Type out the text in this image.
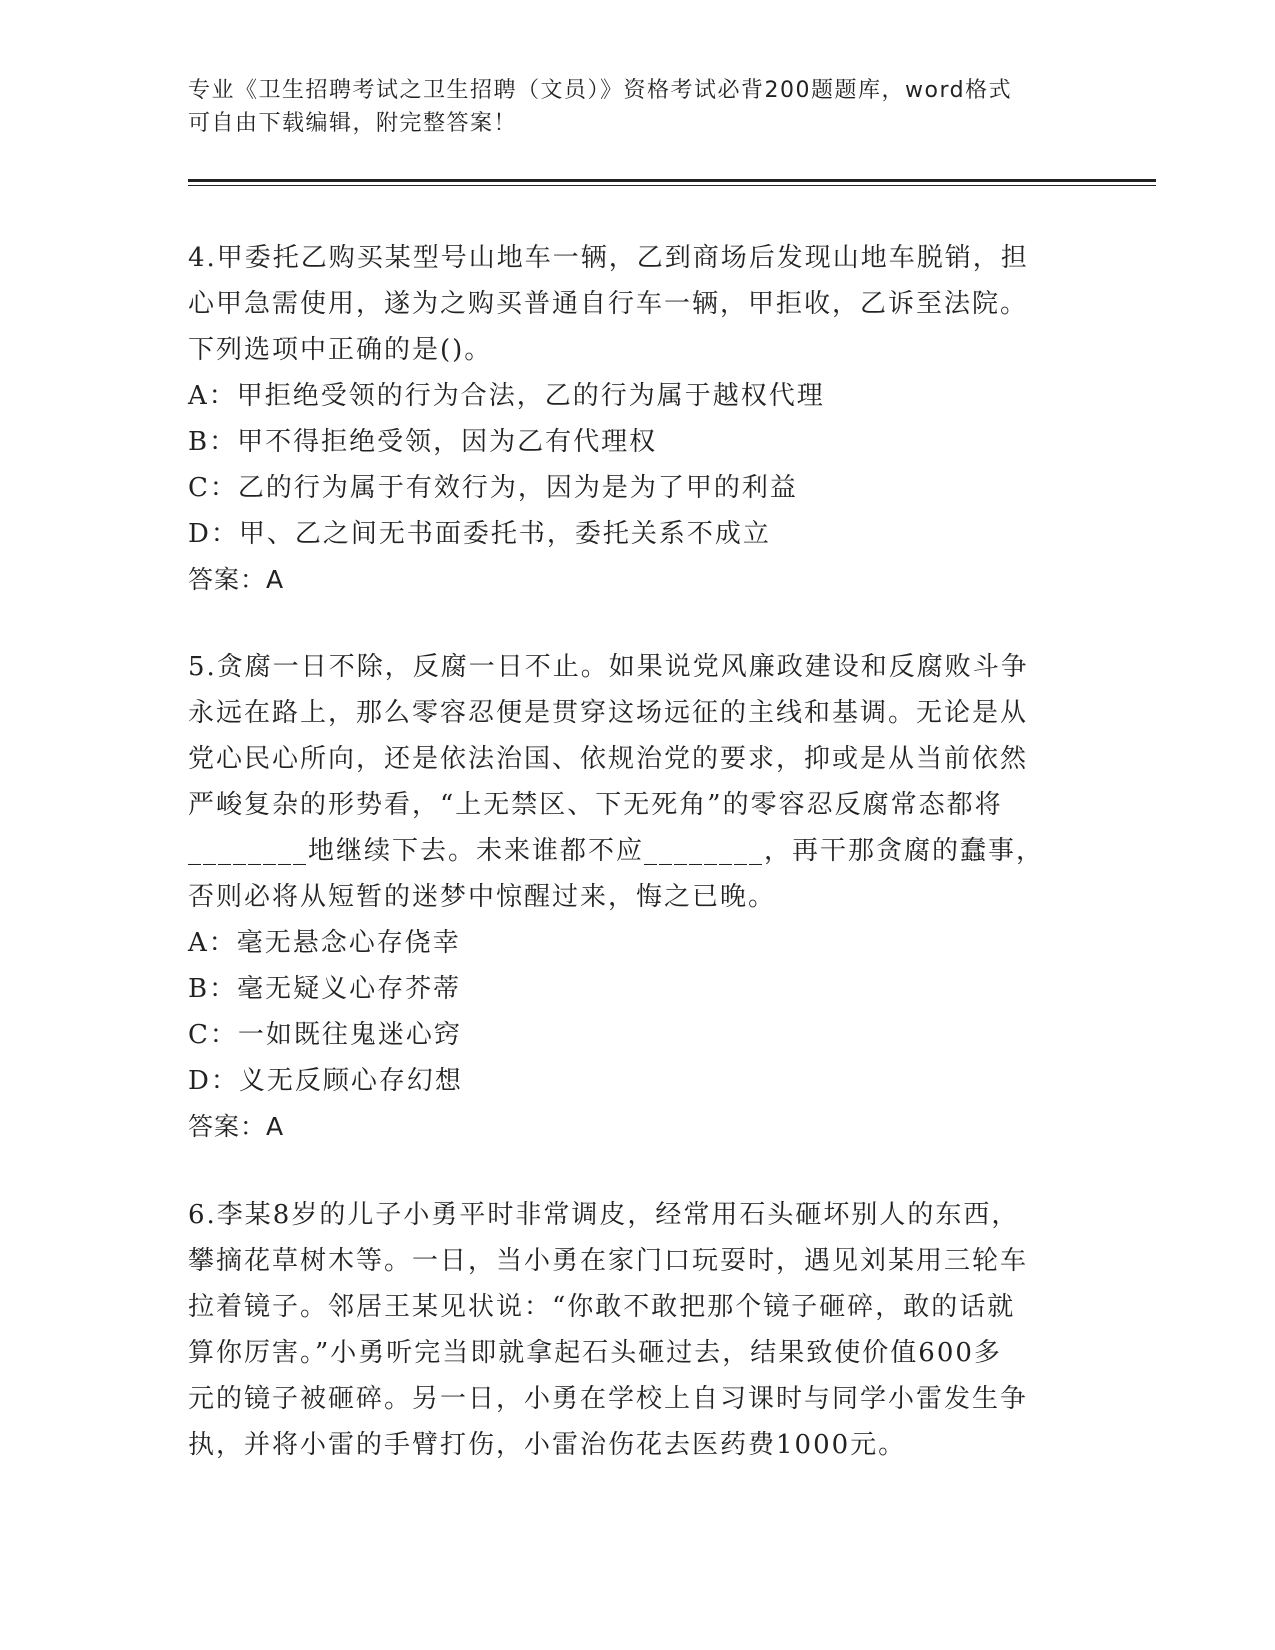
专业《卫生招聘考试之卫生招聘（文员）》资格考试必背200题题库，word格式
可自由下载编辑，附完整答案！

4.甲委托乙购买某型号山地车一辆，乙到商场后发现山地车脱销，担

心甲急需使用，遂为之购买普通自行车一辆，甲拒收，乙诉至法院。

下列选项中正确的是()。

A：甲拒绝受领的行为合法，乙的行为属于越权代理

B：甲不得拒绝受领，因为乙有代理权

C：乙的行为属于有效行为，因为是为了甲的利益

D：甲、乙之间无书面委托书，委托关系不成立

答案：A

5.贪腐一日不除，反腐一日不止。如果说党风廉政建设和反腐败斗争

永远在路上，那么零容忍便是贯穿这场远征的主线和基调。无论是从

党心民心所向，还是依法治国、依规治党的要求，抑或是从当前依然

严峻复杂的形势看，“上无禁区、下无死角”的零容忍反腐常态都将

________地继续下去。未来谁都不应________，再干那贪腐的蠢事，

否则必将从短暂的迷梦中惊醒过来，悔之已晚。

A：毫无悬念心存侥幸

B：毫无疑义心存芥蒂

C：一如既往鬼迷心窍

D：义无反顾心存幻想

答案：A

6.李某8岁的儿子小勇平时非常调皮，经常用石头砸坏别人的东西，

攀摘花草树木等。一日，当小勇在家门口玩耍时，遇见刘某用三轮车

拉着镜子。邻居王某见状说：“你敢不敢把那个镜子砸碎，敢的话就

算你厉害。”小勇听完当即就拿起石头砸过去，结果致使价值600多

元的镜子被砸碎。另一日，小勇在学校上自习课时与同学小雷发生争

执，并将小雷的手臂打伤，小雷治伤花去医药费1000元。
